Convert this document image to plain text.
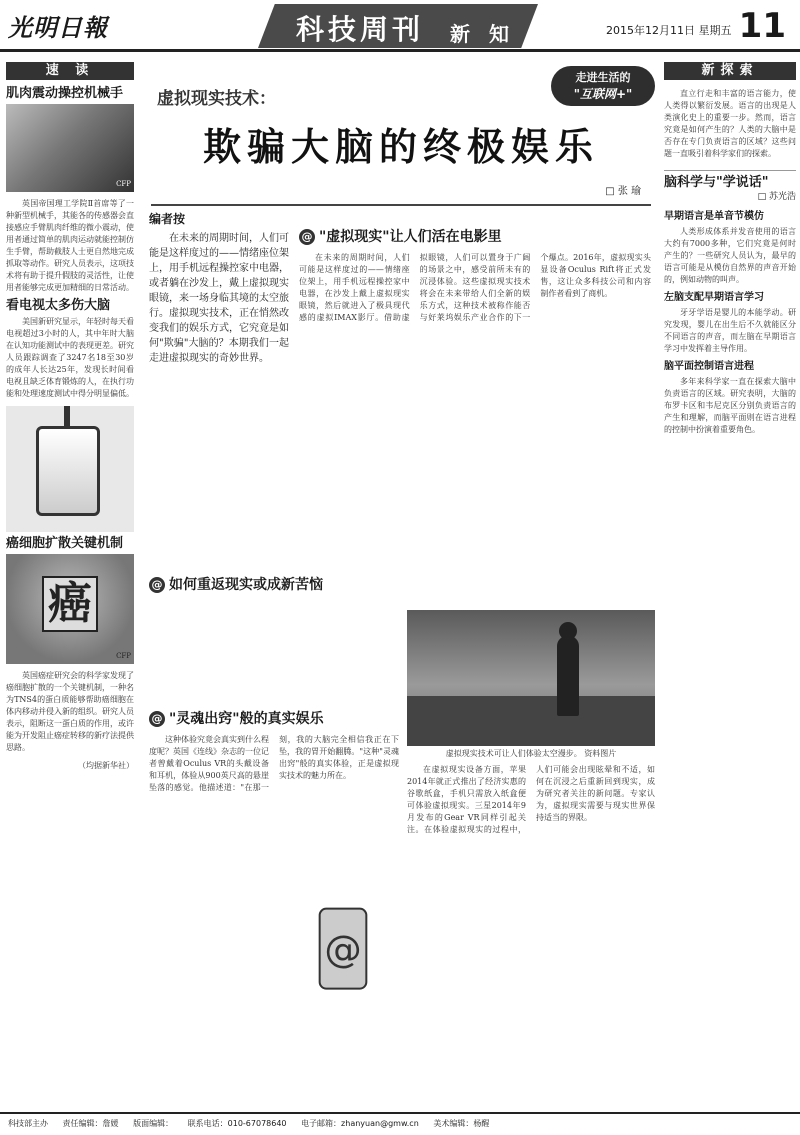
光明日報	科技周刊 新 知	2015年12月11日 星期五 11
速 读
肌肉震动操控机械手
CFP

英国帝国理工学院Ⅱ首席等了一种新型机械手，其能各的传感器会直接感应手臂肌肉纤维的微小震动，使用者通过简单的肌肉运动就能控制仿生手臂，帮助截肢人士更自然地完成抓取等动作。研究人员表示，这项技术将有助于提升假肢的灵活性，让使用者能够完成更加精细的日常活动。

看电视太多伤大脑

美国新研究显示，年轻时每天看电视超过3小时的人，其中年时大脑在认知功能测试中的表现更差。研究人员跟踪调查了3247名18至30岁的成年人长达25年，发现长时间看电视且缺乏体育锻炼的人，在执行功能和处理速度测试中得分明显偏低。

癌细胞扩散关键机制
癌
CFP

英国癌症研究会的科学家发现了癌细胞扩散的一个关键机制，一种名为TNS4的蛋白质能够帮助癌细胞在体内移动并侵入新的组织。研究人员表示，阻断这一蛋白质的作用，或许能为开发阻止癌症转移的新疗法提供思路。

（均据新华社）

走进生活的
"互联网+"
虚拟现实技术：
欺骗大脑的终极娱乐
□ 张 瑜
编者按

在未来的周期时间，人们可能是这样度过的——情绪座位架上，用手机远程操控家中电器，或者躺在沙发上，戴上虚拟现实眼镜，来一场身临其境的太空旅行。虚拟现实技术，正在悄然改变我们的娱乐方式，它究竟是如何"欺骗"大脑的？本期我们一起走进虚拟现实的奇妙世界。

@ "虚拟现实"让人们活在电影里

在未来的周期时间，人们可能是这样度过的——情绪座位架上，用手机远程操控家中电器，在沙发上戴上虚拟现实眼镜，然后就进入了极具现代感的虚拟IMAX影厅。借助虚拟眼镜，人们可以置身于广阔的场景之中，感受前所未有的沉浸体验。这些虚拟现实技术将会在未来带给人们全新的娱乐方式，这种技术被称作能否与好莱坞娱乐产业合作的下一个爆点。2016年，虚拟现实头显设备Oculus Rift将正式发售，这让众多科技公司和内容制作者看到了商机。

@ 如何重返现实或成新苦恼
虚拟现实技术可让人们体验太空漫步。 资料图片

在虚拟现实设备方面，苹果2014年就正式推出了经济实惠的谷歌纸盒，手机只需放入纸盒便可体验虚拟现实。三星2014年9月发布的Gear VR同样引起关注。在体验虚拟现实的过程中，人们可能会出现眩晕和不适，如何在沉浸之后重新回到现实，成为研究者关注的新问题。专家认为，虚拟现实需要与现实世界保持适当的界限。

@ "灵魂出窍"般的真实娱乐

这种体验究竟会真实到什么程度呢？英国《连线》杂志的一位记者曾戴着Oculus VR的头戴设备和耳机，体验从900英尺高的悬崖坠落的感觉。他描述道："在那一刻，我的大脑完全相信我正在下坠，我的胃开始翻腾。"这种"灵魂出窍"般的真实体验，正是虚拟现实技术的魅力所在。

@
新探索

直立行走和丰富的语言能力，使人类得以繁衍发展。语言的出现是人类演化史上的重要一步。然而，语言究竟是如何产生的？人类的大脑中是否存在专门负责语言的区域？这些问题一直吸引着科学家们的探索。

脑科学与"学说话"
□ 苏光浩
早期语言是单音节模仿

人类形成体系并发音使用的语言大约有7000多种，它们究竟是何时产生的？一些研究人员认为，最早的语言可能是从模仿自然界的声音开始的，例如动物的叫声。

左脑支配早期语言学习

牙牙学语是婴儿的本能学动。研究发现，婴儿在出生后不久就能区分不同语言的声音，而左脑在早期语言学习中发挥着主导作用。

脑平面控制语言进程

多年来科学家一直在探索大脑中负责语言的区域。研究表明，大脑的布罗卡区和韦尼克区分别负责语言的产生和理解，而脑平面则在语言进程的控制中扮演着重要角色。

科技部主办 责任编辑：詹媛 版面编辑： 联系电话：010-67078640 电子邮箱：zhanyuan@gmw.cn 美术编辑：杨醒
